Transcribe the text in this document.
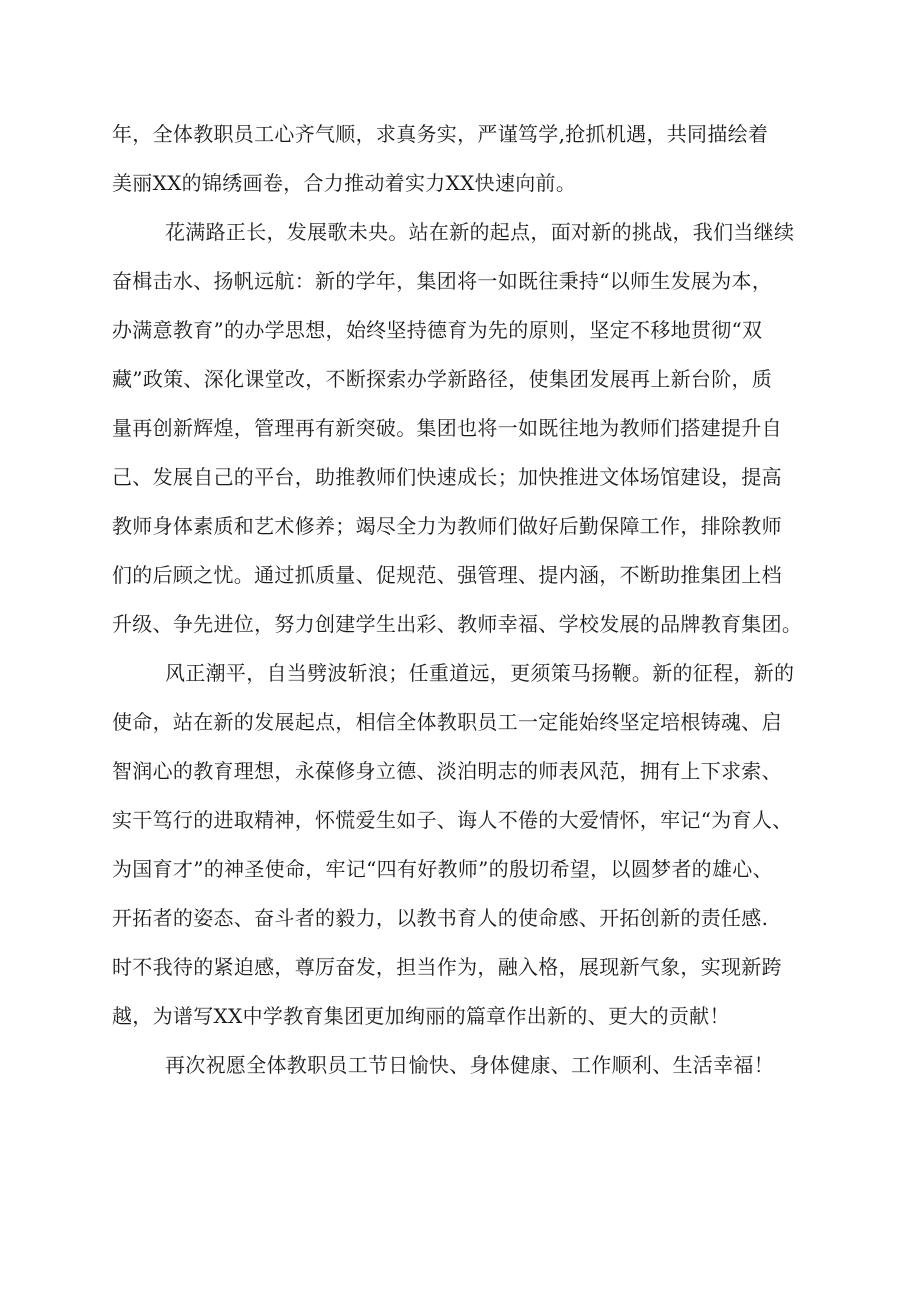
年，全体教职员工心齐气顺，求真务实，严谨笃学,抢抓机遇，共同描绘着
美丽XX的锦绣画卷，合力推动着实力XX快速向前。
花满路正长，发展歌未央。站在新的起点，面对新的挑战，我们当继续
奋楫击水、扬帆远航：新的学年，集团将一如既往秉持“以师生发展为本，
办满意教育”的办学思想，始终坚持德育为先的原则，坚定不移地贯彻“双
藏”政策、深化课堂改，不断探索办学新路径，使集团发展再上新台阶，质
量再创新辉煌，管理再有新突破。集团也将一如既往地为教师们搭建提升自
己、发展自己的平台，助推教师们快速成长；加快推进文体场馆建设，提高
教师身体素质和艺术修养；竭尽全力为教师们做好后勤保障工作，排除教师
们的后顾之忧。通过抓质量、促规范、强管理、提内涵，不断助推集团上档
升级、争先进位，努力创建学生出彩、教师幸福、学校发展的品牌教育集团。
风正潮平，自当劈波斩浪；任重道远，更须策马扬鞭。新的征程，新的
使命，站在新的发展起点，相信全体教职员工一定能始终坚定培根铸魂、启
智润心的教育理想，永葆修身立德、淡泊明志的师表风范，拥有上下求索、
实干笃行的进取精神，怀慌爱生如子、诲人不倦的大爱情怀，牢记“为育人、
为国育才”的神圣使命，牢记“四有好教师”的殷切希望，以圆梦者的雄心、
开拓者的姿态、奋斗者的毅力，以教书育人的使命感、开拓创新的责任感.
时不我待的紧迫感，尊厉奋发，担当作为，融入格，展现新气象，实现新跨
越，为谱写XX中学教育集团更加绚丽的篇章作出新的、更大的贡献！
再次祝愿全体教职员工节日愉快、身体健康、工作顺利、生活幸福！
